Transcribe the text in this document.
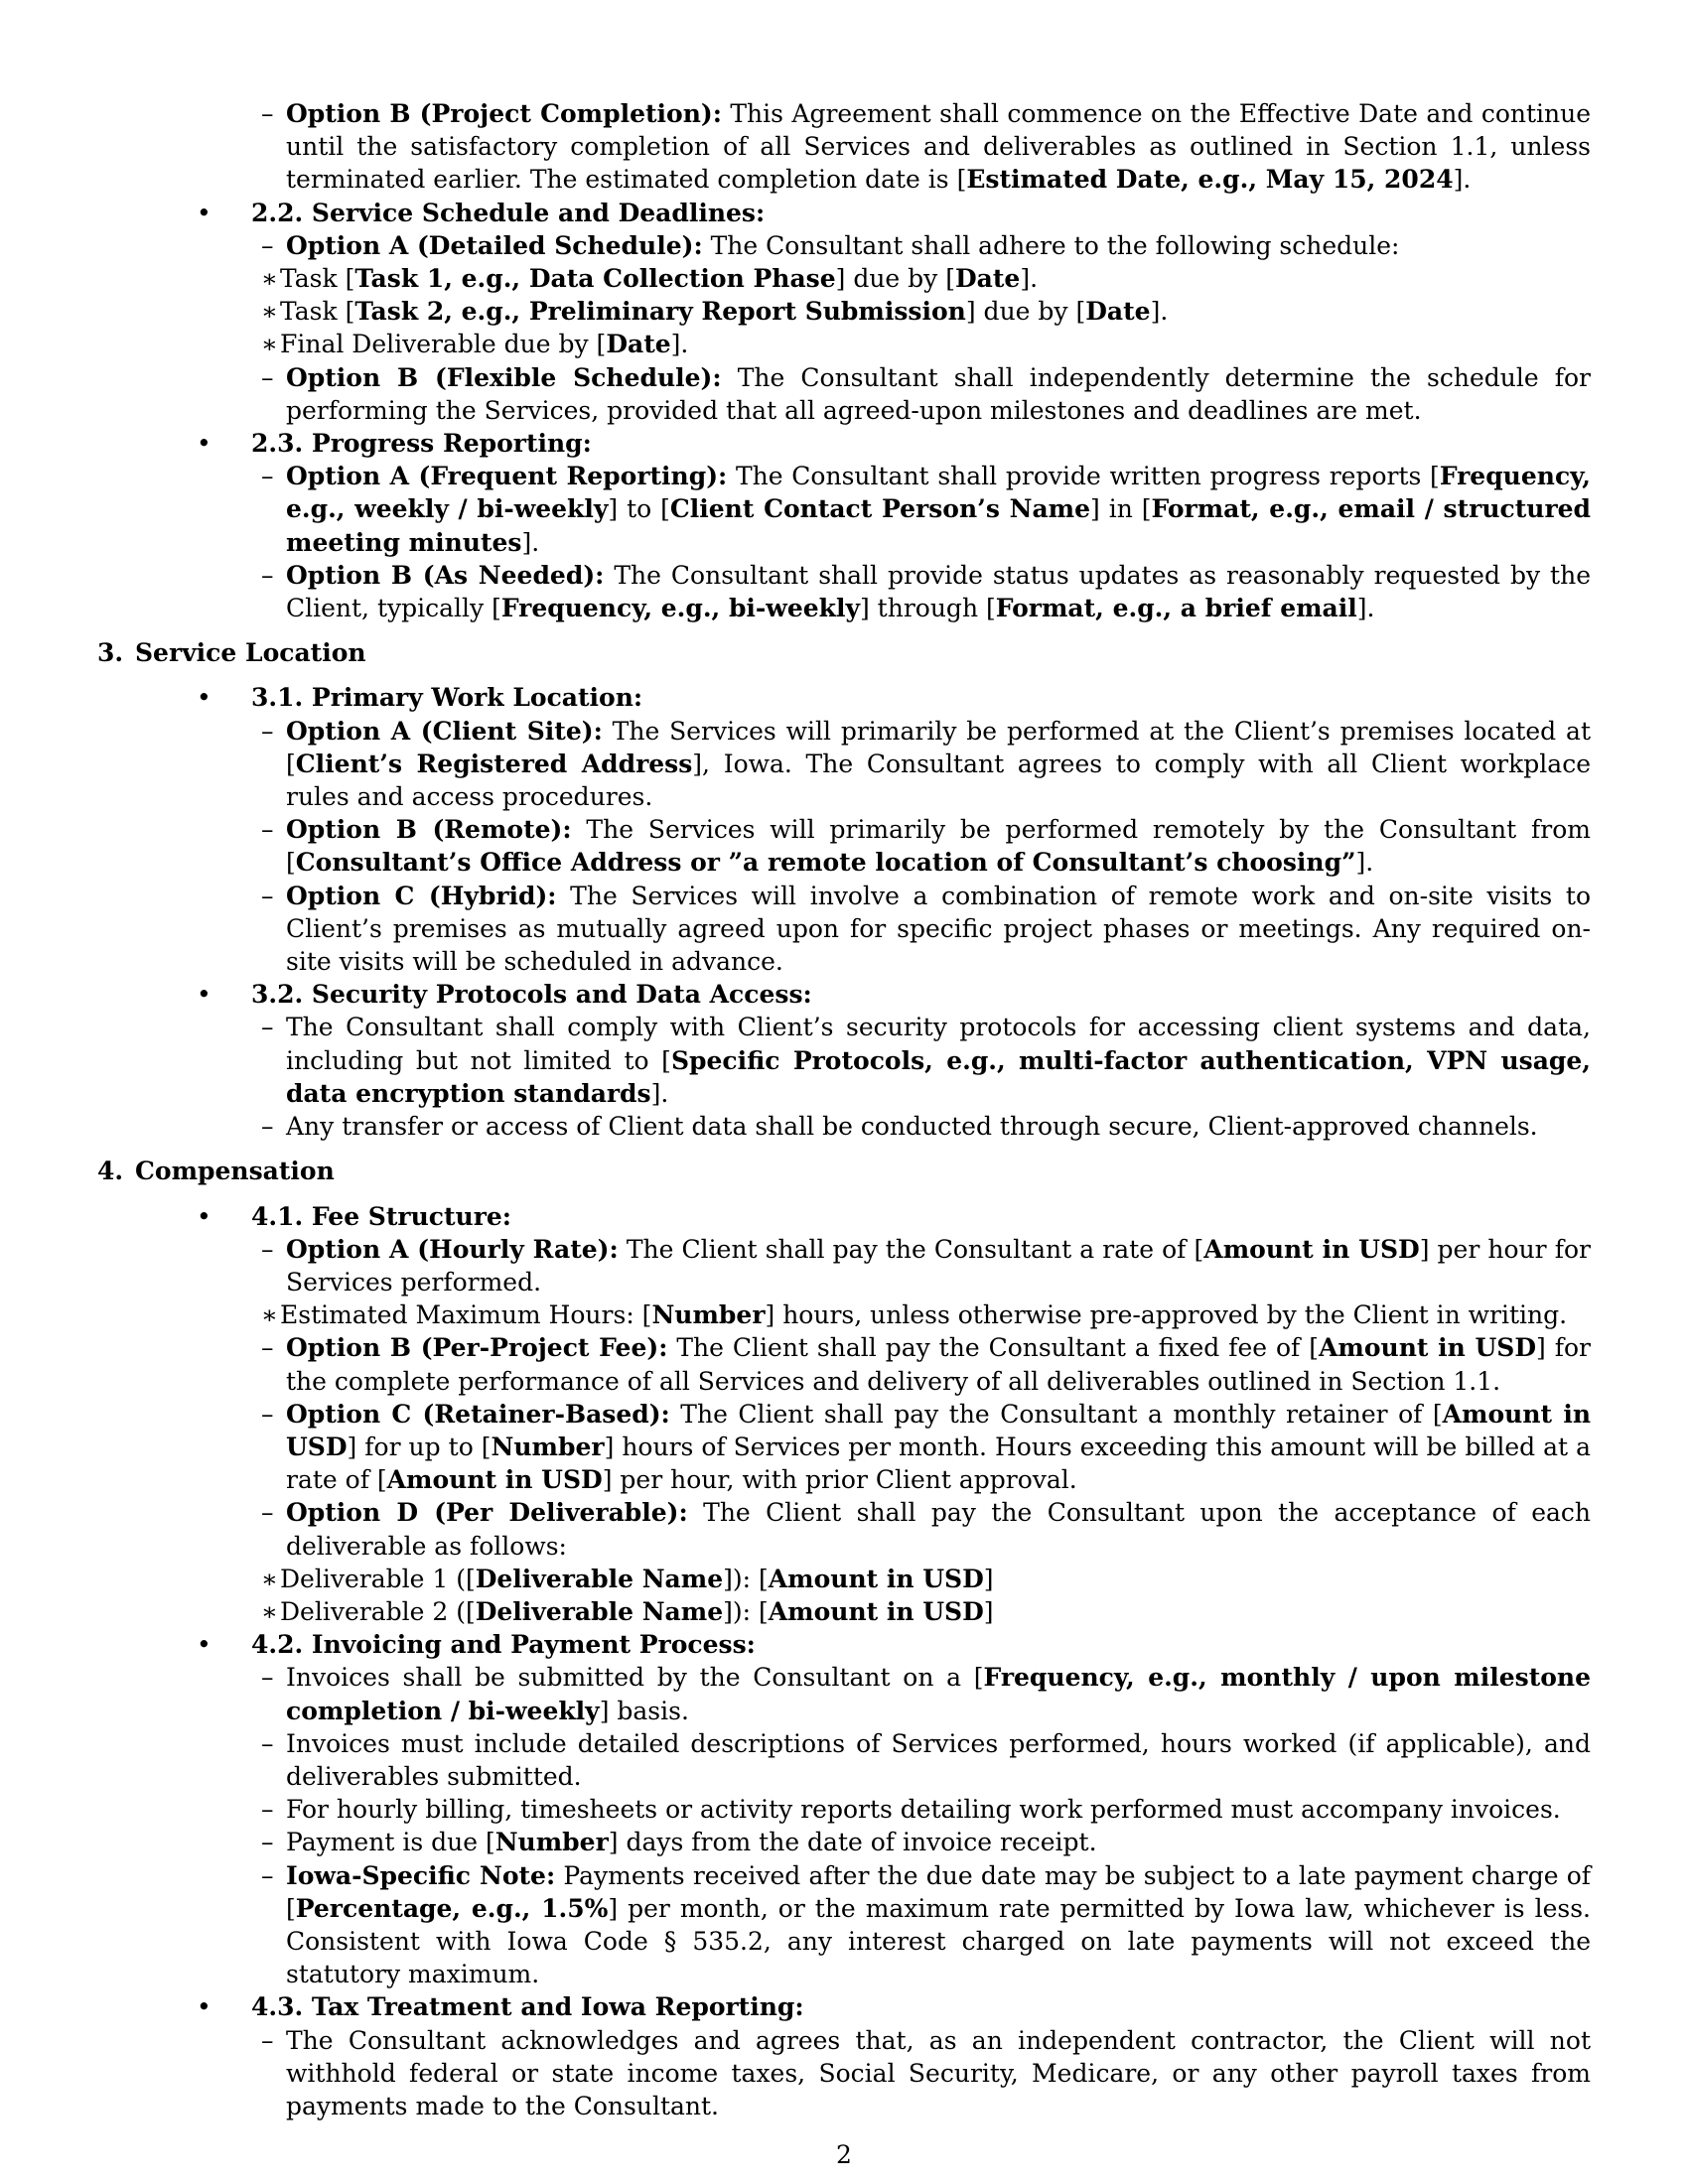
– Option B (Project Completion): This Agreement shall commence on the Effective Date and continue until the satisfactory completion of all Services and deliverables as outlined in Section 1.1, unless terminated earlier. The estimated completion date is [Estimated Date, e.g., May 15, 2024].
• 2.2. Service Schedule and Deadlines:
– Option A (Detailed Schedule): The Consultant shall adhere to the following schedule:
∗ Task [Task 1, e.g., Data Collection Phase] due by [Date].
∗ Task [Task 2, e.g., Preliminary Report Submission] due by [Date].
∗ Final Deliverable due by [Date].
– Option B (Flexible Schedule): The Consultant shall independently determine the schedule for performing the Services, provided that all agreed-upon milestones and deadlines are met.
• 2.3. Progress Reporting:
– Option A (Frequent Reporting): The Consultant shall provide written progress reports [Frequency, e.g., weekly / bi-weekly] to [Client Contact Person’s Name] in [Format, e.g., email / structured meeting minutes].
– Option B (As Needed): The Consultant shall provide status updates as reasonably requested by the Client, typically [Frequency, e.g., bi-weekly] through [Format, e.g., a brief email].
3. Service Location
• 3.1. Primary Work Location:
– Option A (Client Site): The Services will primarily be performed at the Client’s premises located at [Client’s Registered Address], Iowa. The Consultant agrees to comply with all Client workplace rules and access procedures.
– Option B (Remote): The Services will primarily be performed remotely by the Consultant from [Consultant’s Office Address or ”a remote location of Consultant’s choosing”].
– Option C (Hybrid): The Services will involve a combination of remote work and on-site visits to Client’s premises as mutually agreed upon for specific project phases or meetings. Any required on-site visits will be scheduled in advance.
• 3.2. Security Protocols and Data Access:
– The Consultant shall comply with Client’s security protocols for accessing client systems and data, including but not limited to [Specific Protocols, e.g., multi-factor authentication, VPN usage, data encryption standards].
– Any transfer or access of Client data shall be conducted through secure, Client-approved channels.
4. Compensation
• 4.1. Fee Structure:
– Option A (Hourly Rate): The Client shall pay the Consultant a rate of [Amount in USD] per hour for Services performed.
∗ Estimated Maximum Hours: [Number] hours, unless otherwise pre-approved by the Client in writing.
– Option B (Per-Project Fee): The Client shall pay the Consultant a fixed fee of [Amount in USD] for the complete performance of all Services and delivery of all deliverables outlined in Section 1.1.
– Option C (Retainer-Based): The Client shall pay the Consultant a monthly retainer of [Amount in USD] for up to [Number] hours of Services per month. Hours exceeding this amount will be billed at a rate of [Amount in USD] per hour, with prior Client approval.
– Option D (Per Deliverable): The Client shall pay the Consultant upon the acceptance of each deliverable as follows:
∗ Deliverable 1 ([Deliverable Name]): [Amount in USD]
∗ Deliverable 2 ([Deliverable Name]): [Amount in USD]
• 4.2. Invoicing and Payment Process:
– Invoices shall be submitted by the Consultant on a [Frequency, e.g., monthly / upon milestone completion / bi-weekly] basis.
– Invoices must include detailed descriptions of Services performed, hours worked (if applicable), and deliverables submitted.
– For hourly billing, timesheets or activity reports detailing work performed must accompany invoices.
– Payment is due [Number] days from the date of invoice receipt.
– Iowa-Specific Note: Payments received after the due date may be subject to a late payment charge of [Percentage, e.g., 1.5%] per month, or the maximum rate permitted by Iowa law, whichever is less. Consistent with Iowa Code § 535.2, any interest charged on late payments will not exceed the statutory maximum.
• 4.3. Tax Treatment and Iowa Reporting:
– The Consultant acknowledges and agrees that, as an independent contractor, the Client will not withhold federal or state income taxes, Social Security, Medicare, or any other payroll taxes from payments made to the Consultant.
2
